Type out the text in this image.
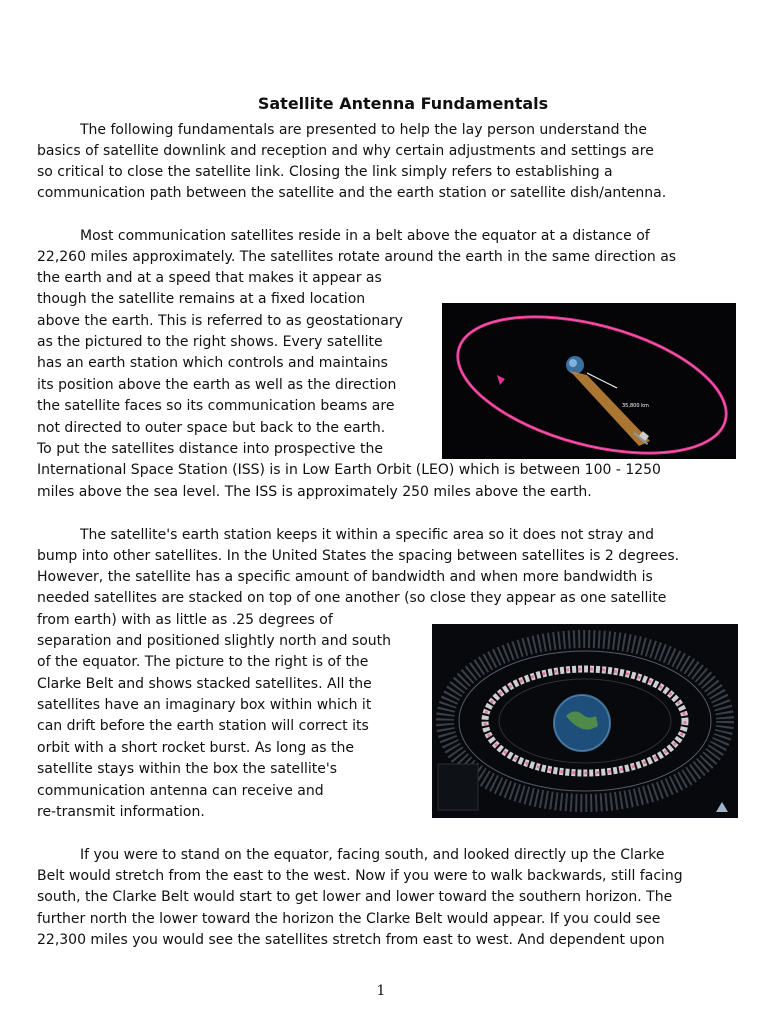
Satellite Antenna Fundamentals
The following fundamentals are presented to help the lay person understand the
basics of satellite downlink and reception and why certain adjustments and settings are
so critical to close the satellite link. Closing the link simply refers to establishing a
communication path between the satellite and the earth station or satellite dish/antenna.
Most communication satellites reside in a belt above the equator at a distance of
22,260 miles approximately. The satellites rotate around the earth in the same direction as
the earth and at a speed that makes it appear as
though the satellite remains at a fixed location
above the earth. This is referred to as geostationary
as the pictured to the right shows. Every satellite
has an earth station which controls and maintains
its position above the earth as well as the direction
the satellite faces so its communication beams are
not directed to outer space but back to the earth.
To put the satellites distance into prospective the
International Space Station (ISS) is in Low Earth Orbit (LEO) which is between 100 - 1250
miles above the sea level. The ISS is approximately 250 miles above the earth.
35,800 km
The satellite's earth station keeps it within a specific area so it does not stray and
bump into other satellites. In the United States the spacing between satellites is 2 degrees.
However, the satellite has a specific amount of bandwidth and when more bandwidth is
needed satellites are stacked on top of one another (so close they appear as one satellite
from earth) with as little as .25 degrees of
separation and positioned slightly north and south
of the equator. The picture to the right is of the
Clarke Belt and shows stacked satellites. All the
satellites have an imaginary box within which it
can drift before the earth station will correct its
orbit with a short rocket burst. As long as the
satellite stays within the box the satellite's
communication antenna can receive and
re-transmit information.
If you were to stand on the equator, facing south, and looked directly up the Clarke
Belt would stretch from the east to the west. Now if you were to walk backwards, still facing
south, the Clarke Belt would start to get lower and lower toward the southern horizon. The
further north the lower toward the horizon the Clarke Belt would appear. If you could see
22,300 miles you would see the satellites stretch from east to west. And dependent upon
1
